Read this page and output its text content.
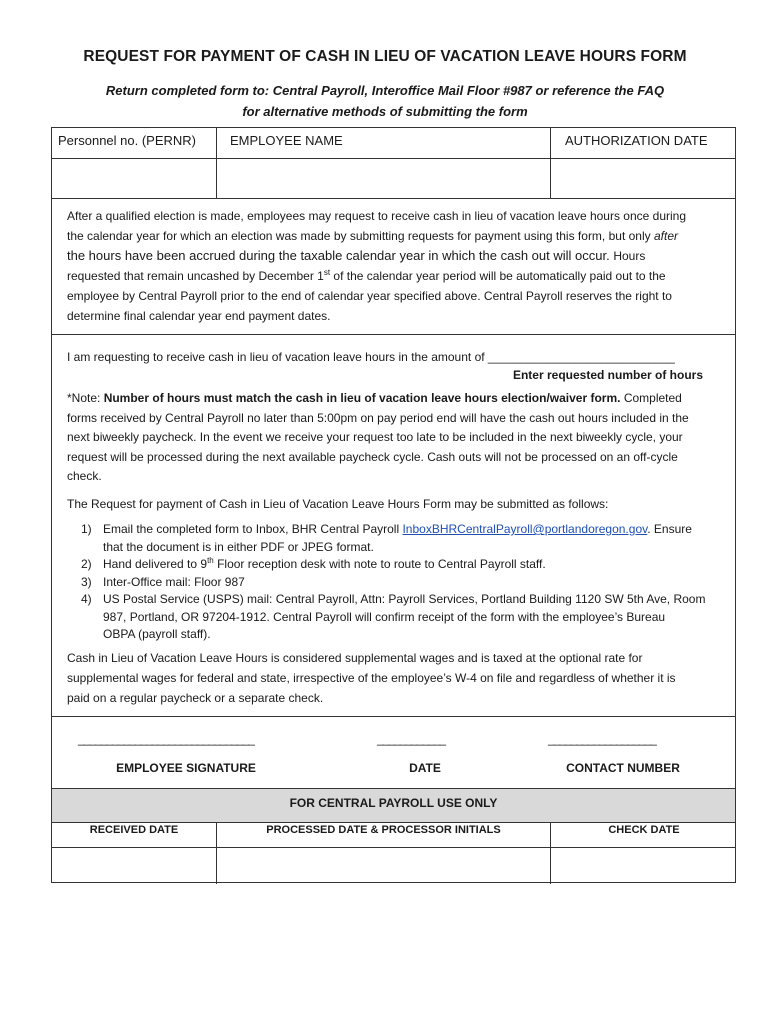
REQUEST FOR PAYMENT OF CASH IN LIEU OF VACATION LEAVE HOURS FORM
Return completed form to: Central Payroll, Interoffice Mail Floor #987 or reference the FAQ
for alternative methods of submitting the form
Personnel no. (PERNR)	EMPLOYEE NAME	AUTHORIZATION DATE
After a qualified election is made, employees may request to receive cash in lieu of vacation leave hours once during
the calendar year for which an election was made by submitting requests for payment using this form, but only after
the hours have been accrued during the taxable calendar year in which the cash out will occur. Hours
requested that remain uncashed by December 1st of the calendar year period will be automatically paid out to the
employee by Central Payroll prior to the end of calendar year specified above. Central Payroll reserves the right to
determine final calendar year end payment dates.
I am requesting to receive cash in lieu of vacation leave hours in the amount of ____________________________
Enter requested number of hours
*Note: Number of hours must match the cash in lieu of vacation leave hours election/waiver form. Completed
forms received by Central Payroll no later than 5:00pm on pay period end will have the cash out hours included in the
next biweekly paycheck. In the event we receive your request too late to be included in the next biweekly cycle, your
request will be processed during the next available paycheck cycle. Cash outs will not be processed on an off-cycle
check.
The Request for payment of Cash in Lieu of Vacation Leave Hours Form may be submitted as follows:
1) Email the completed form to Inbox, BHR Central Payroll InboxBHRCentralPayroll@portlandoregon.gov. Ensure
that the document is in either PDF or JPEG format.
2) Hand delivered to 9th Floor reception desk with note to route to Central Payroll staff.
3) Inter-Office mail: Floor 987
4) US Postal Service (USPS) mail: Central Payroll, Attn: Payroll Services, Portland Building 1120 SW 5th Ave, Room
987, Portland, OR 97204-1912. Central Payroll will confirm receipt of the form with the employee’s Bureau
OBPA (payroll staff).
Cash in Lieu of Vacation Leave Hours is considered supplemental wages and is taxed at the optional rate for
supplemental wages for federal and state, irrespective of the employee’s W-4 on file and regardless of whether it is
paid on a regular paycheck or a separate check.
_______________________________	____________	___________________
EMPLOYEE SIGNATURE	DATE	CONTACT NUMBER
FOR CENTRAL PAYROLL USE ONLY
RECEIVED DATE	PROCESSED DATE & PROCESSOR INITIALS	CHECK DATE
